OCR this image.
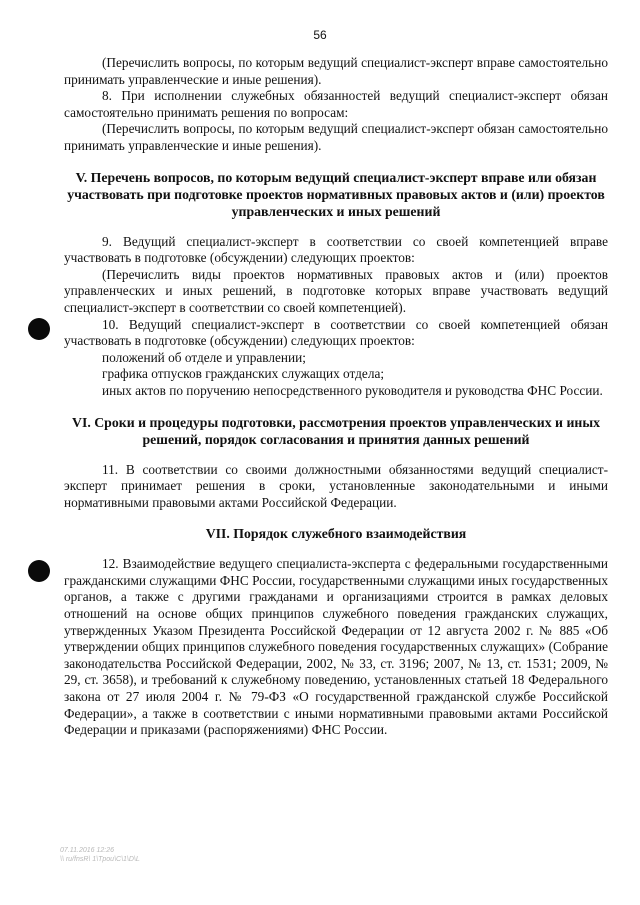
56

(Перечислить вопросы, по которым ведущий специалист-эксперт вправе самостоятельно принимать управленческие и иные решения).

8. При исполнении служебных обязанностей ведущий специалист-эксперт обязан самостоятельно принимать решения по вопросам:

(Перечислить вопросы, по которым ведущий специалист-эксперт обязан самостоятельно принимать управленческие и иные решения).

V. Перечень вопросов, по которым ведущий специалист-эксперт вправе или обязан участвовать при подготовке проектов нормативных правовых актов и (или) проектов управленческих и иных решений

9. Ведущий специалист-эксперт в соответствии со своей компетенцией вправе участвовать в подготовке (обсуждении) следующих проектов:

(Перечислить виды проектов нормативных правовых актов и (или) проектов управленческих и иных решений, в подготовке которых вправе участвовать ведущий специалист-эксперт в соответствии со своей компетенцией).

10. Ведущий специалист-эксперт в соответствии со своей компетенцией обязан участвовать в подготовке (обсуждении) следующих проектов:

положений об отделе и управлении;

графика отпусков гражданских служащих отдела;

иных актов по поручению непосредственного руководителя и руководства ФНС России.

VI. Сроки и процедуры подготовки, рассмотрения проектов управленческих и иных решений, порядок согласования и принятия данных решений

11. В соответствии со своими должностными обязанностями ведущий специалист-эксперт принимает решения в сроки, установленные законодательными и иными нормативными правовыми актами Российской Федерации.

VII. Порядок служебного взаимодействия

12. Взаимодействие ведущего специалиста-эксперта с федеральными государственными гражданскими служащими ФНС России, государственными служащими иных государственных органов, а также с другими гражданами и организациями строится в рамках деловых отношений на основе общих принципов служебного поведения гражданских служащих, утвержденных Указом Президента Российской Федерации от 12 августа 2002 г. № 885 «Об утверждении общих принципов служебного поведения государственных служащих» (Собрание законодательства Российской Федерации, 2002, № 33, ст. 3196; 2007, № 13, ст. 1531; 2009, № 29, ст. 3658), и требований к служебному поведению, установленных статьей 18 Федерального закона от 27 июля 2004 г. № 79-ФЗ «О государственной гражданской службе Российской Федерации», а также в соответствии с иными нормативными правовыми актами Российской Федерации и приказами (распоряжениями) ФНС России.

07.11.2016 12:26
\\ ru/fnsR\ 1\Tpou\C\1\D\L
